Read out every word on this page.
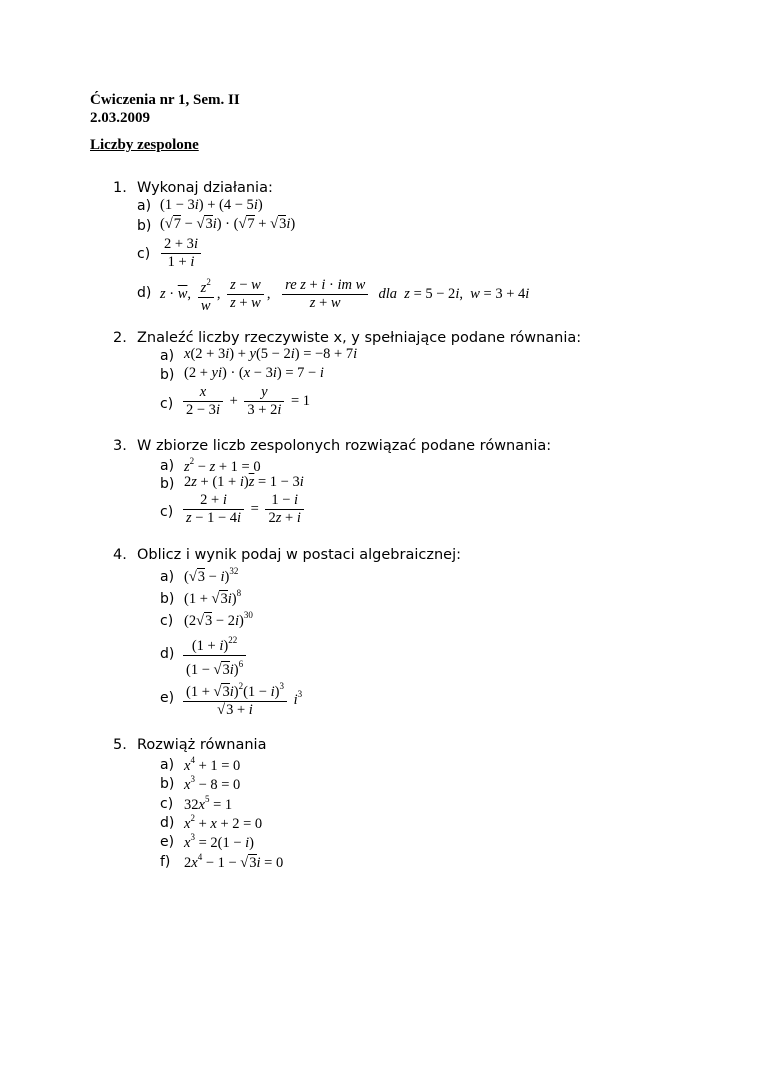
Ćwiczenia nr 1, Sem. II
2.03.2009
Liczby zespolone
1. Wykonaj działania:
a) (1 − 3i) + (4 − 5i)
b) (√7 − √3i) · (√7 + √3i)
$c) \frac{2 + 3i}{1 + i}$
d) $z \cdot \overline{w}$, $\frac{z^2}{w}$ , $\frac{z - w}{\overline{z} + w}$ , $\frac{\text{re z + i · im w}}{z + w}$ dla z = 5 − 2i,  w = 3 + 4i
2. Znaleźć liczby rzeczywiste x, y spełniające podane równania:
a) x(2 + 3i) + y(5 − 2i) = −8 + 7i
b) (2 + yi) · (x − 3i) = 7 − i
$c) \frac{x}{2 - 3i} + \frac{y}{3 + 2i} = 1$
3. W zbiorze liczb zespolonych rozwiązać podane równania:
a) $z^2 - z + 1 = 0$
b) $2z + (1 + i)\overline{z} = 1 - 3i$
$c) \frac{2 + i}{z - 1 - 4i} = \frac{1 - i}{2z + i}$
4. Oblicz i wynik podaj w postaci algebraicznej:
a) $(√3 - i)^{32}$
b) $(1 + √3i)^8$
c) $(2√3 - 2i)^{30}$
$d) \frac{(1 + i)^{22}}{(1 - √3i)^6}$
$e) \frac{(1 + √3i)^2(1 - i)^3}{√3 + i} i^3$
5. Rozwiąż równania
a) $x^4 + 1 = 0$
b) $x^3 - 8 = 0$
c) $32x^5 = 1$
d) $x^2 + x + 2 = 0$
e) $x^3 = 2(1 - i)$
f) $2x^4 - 1 - √3i = 0$
